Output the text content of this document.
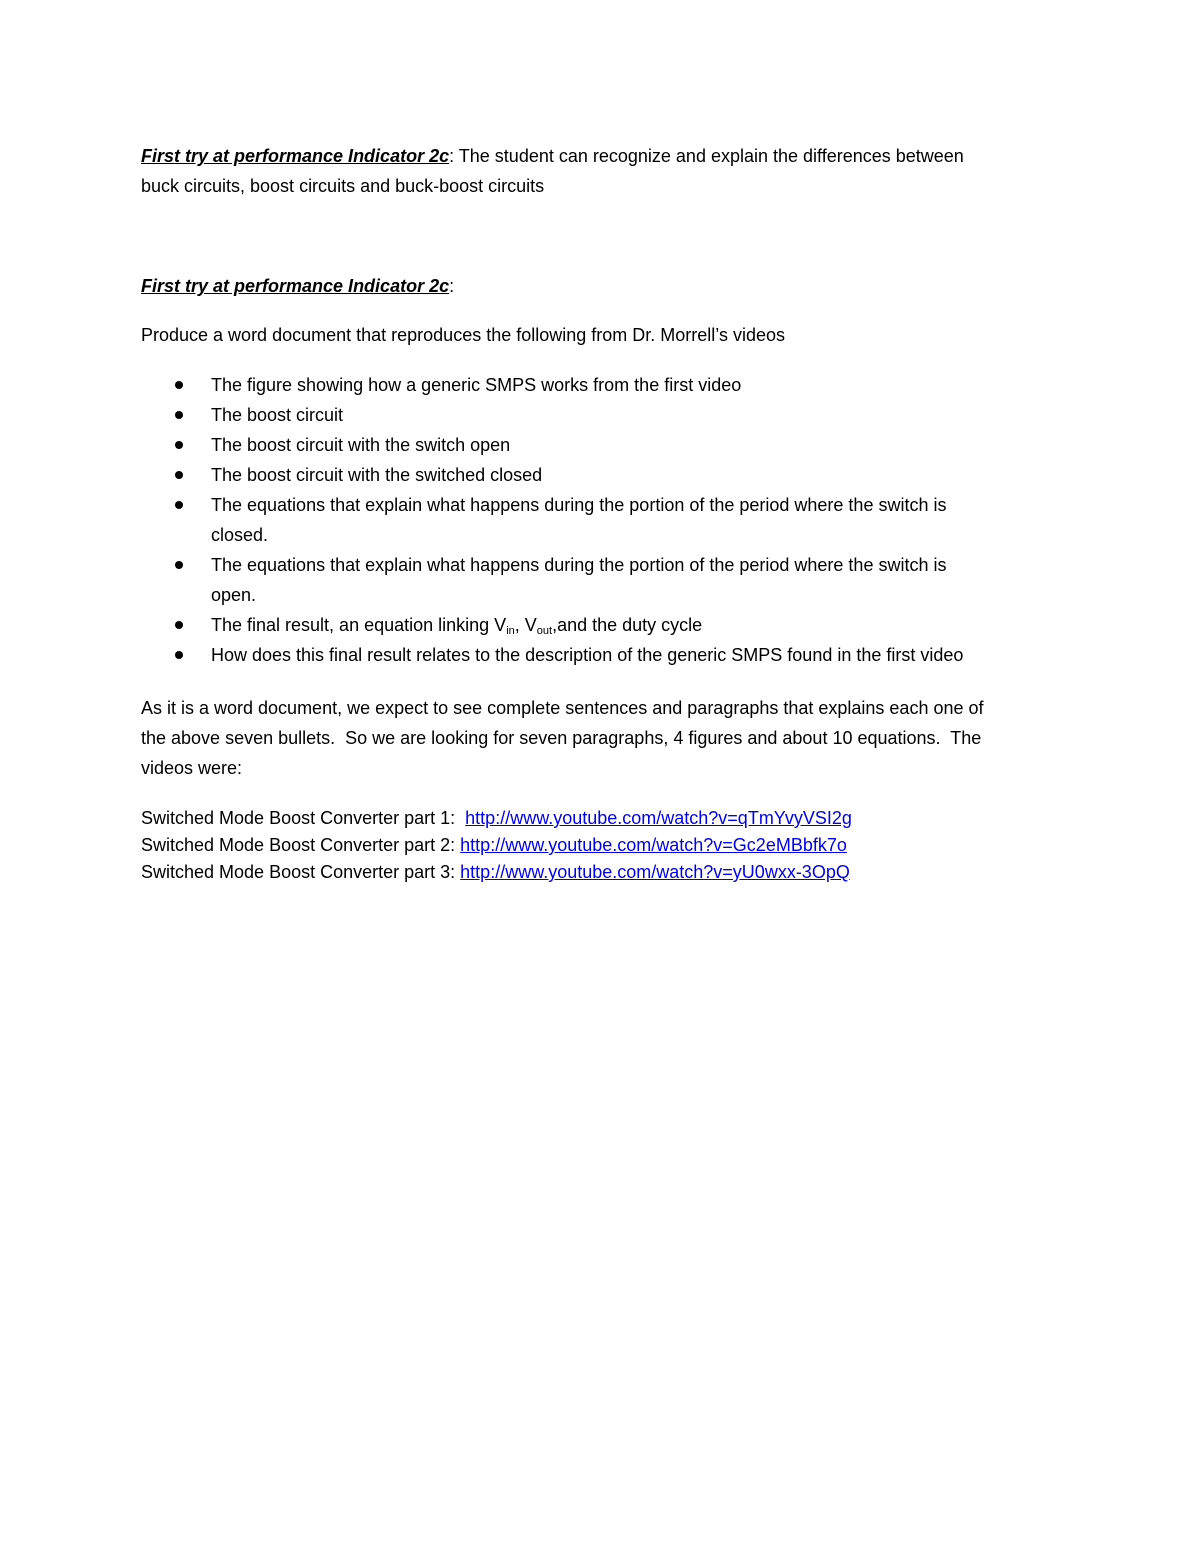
First try at performance Indicator 2c: The student can recognize and explain the differences between
buck circuits, boost circuits and buck-boost circuits
First try at performance Indicator 2c:
Produce a word document that reproduces the following from Dr. Morrell’s videos
The figure showing how a generic SMPS works from the first video
The boost circuit
The boost circuit with the switch open
The boost circuit with the switched closed
The equations that explain what happens during the portion of the period where the switch is
closed.
The equations that explain what happens during the portion of the period where the switch is
open.
The final result, an equation linking $V_{in}$, $V_{out},and$ the duty cycle
How does this final result relates to the description of the generic SMPS found in the first video
As it is a word document, we expect to see complete sentences and paragraphs that explains each one of
the above seven bullets.  So we are looking for seven paragraphs, 4 figures and about 10 equations.  The
videos were:
Switched Mode Boost Converter part 1:  http://www.youtube.com/watch?v=qTmYvyVSI2g
Switched Mode Boost Converter part 2: http://www.youtube.com/watch?v=Gc2eMBbfk7o
Switched Mode Boost Converter part 3: http://www.youtube.com/watch?v=yU0wxx-3OpQ
